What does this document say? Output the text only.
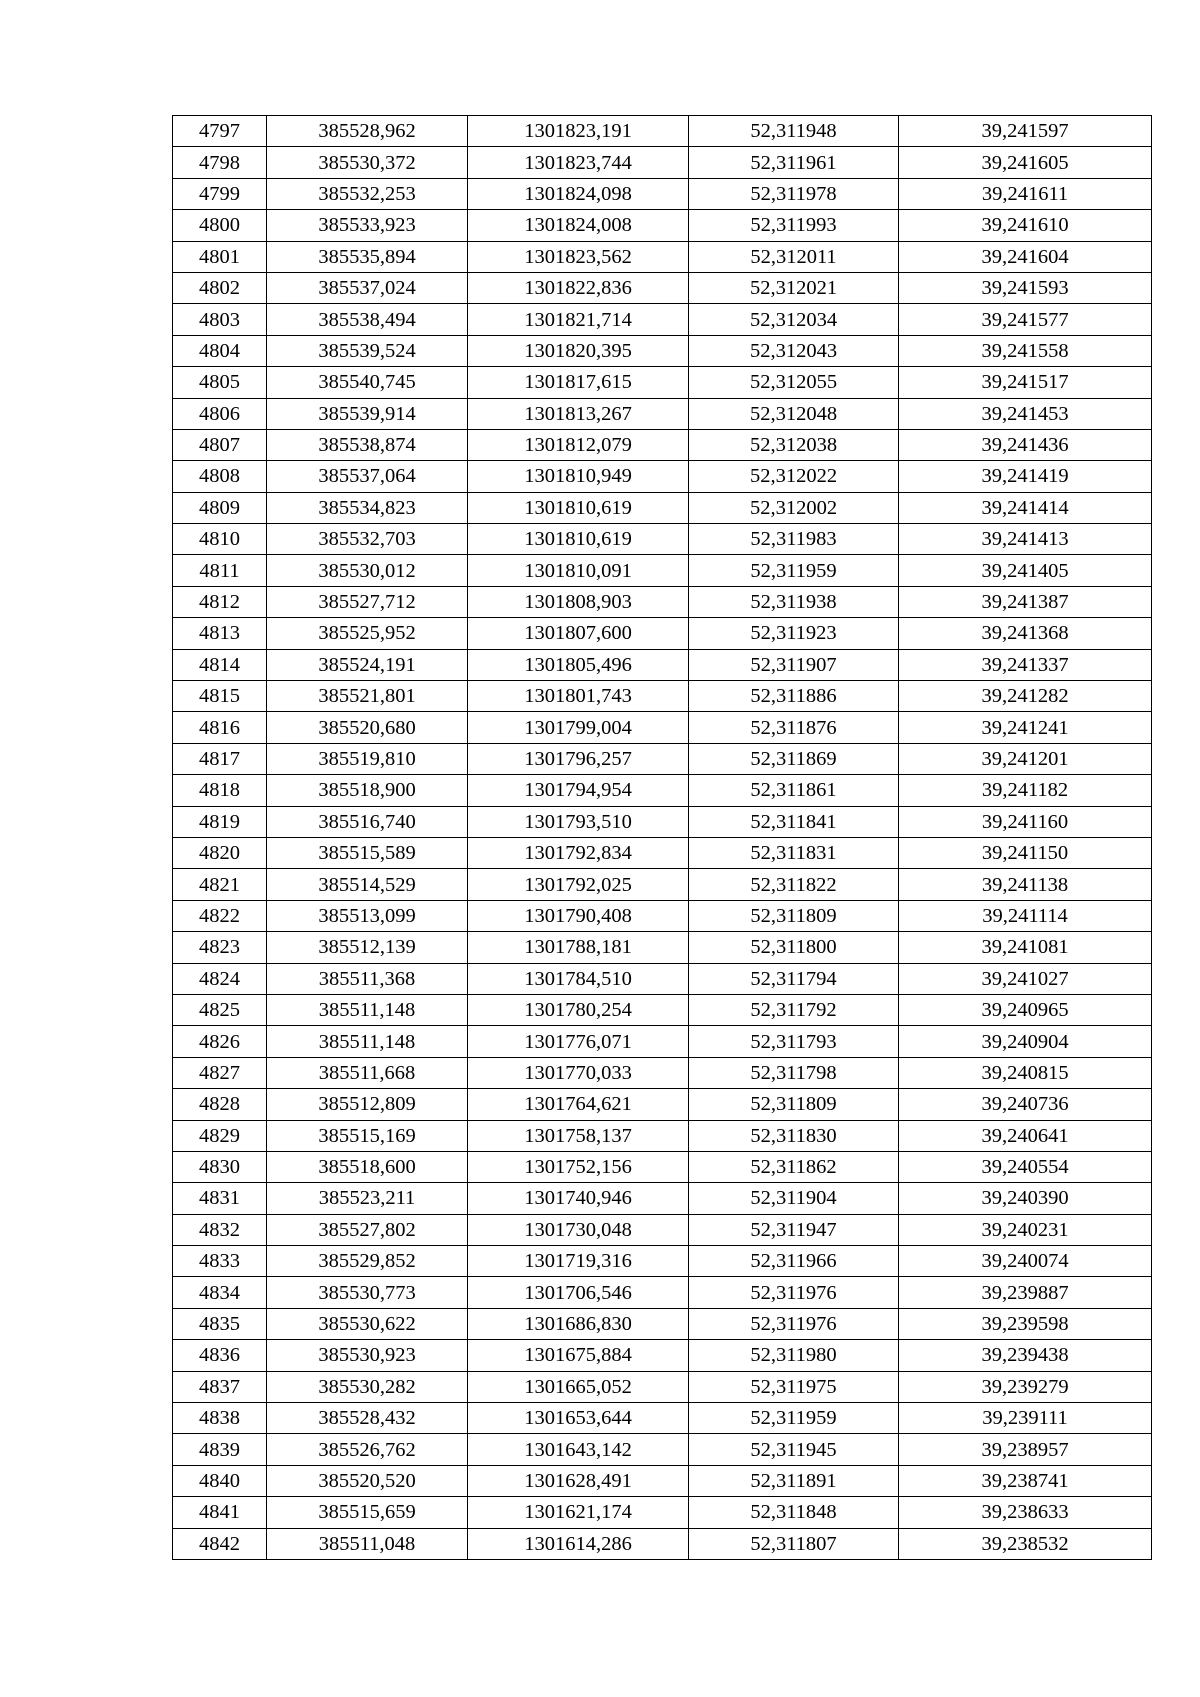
4797	385528,962	1301823,191	52,311948	39,241597
4798	385530,372	1301823,744	52,311961	39,241605
4799	385532,253	1301824,098	52,311978	39,241611
4800	385533,923	1301824,008	52,311993	39,241610
4801	385535,894	1301823,562	52,312011	39,241604
4802	385537,024	1301822,836	52,312021	39,241593
4803	385538,494	1301821,714	52,312034	39,241577
4804	385539,524	1301820,395	52,312043	39,241558
4805	385540,745	1301817,615	52,312055	39,241517
4806	385539,914	1301813,267	52,312048	39,241453
4807	385538,874	1301812,079	52,312038	39,241436
4808	385537,064	1301810,949	52,312022	39,241419
4809	385534,823	1301810,619	52,312002	39,241414
4810	385532,703	1301810,619	52,311983	39,241413
4811	385530,012	1301810,091	52,311959	39,241405
4812	385527,712	1301808,903	52,311938	39,241387
4813	385525,952	1301807,600	52,311923	39,241368
4814	385524,191	1301805,496	52,311907	39,241337
4815	385521,801	1301801,743	52,311886	39,241282
4816	385520,680	1301799,004	52,311876	39,241241
4817	385519,810	1301796,257	52,311869	39,241201
4818	385518,900	1301794,954	52,311861	39,241182
4819	385516,740	1301793,510	52,311841	39,241160
4820	385515,589	1301792,834	52,311831	39,241150
4821	385514,529	1301792,025	52,311822	39,241138
4822	385513,099	1301790,408	52,311809	39,241114
4823	385512,139	1301788,181	52,311800	39,241081
4824	385511,368	1301784,510	52,311794	39,241027
4825	385511,148	1301780,254	52,311792	39,240965
4826	385511,148	1301776,071	52,311793	39,240904
4827	385511,668	1301770,033	52,311798	39,240815
4828	385512,809	1301764,621	52,311809	39,240736
4829	385515,169	1301758,137	52,311830	39,240641
4830	385518,600	1301752,156	52,311862	39,240554
4831	385523,211	1301740,946	52,311904	39,240390
4832	385527,802	1301730,048	52,311947	39,240231
4833	385529,852	1301719,316	52,311966	39,240074
4834	385530,773	1301706,546	52,311976	39,239887
4835	385530,622	1301686,830	52,311976	39,239598
4836	385530,923	1301675,884	52,311980	39,239438
4837	385530,282	1301665,052	52,311975	39,239279
4838	385528,432	1301653,644	52,311959	39,239111
4839	385526,762	1301643,142	52,311945	39,238957
4840	385520,520	1301628,491	52,311891	39,238741
4841	385515,659	1301621,174	52,311848	39,238633
4842	385511,048	1301614,286	52,311807	39,238532
